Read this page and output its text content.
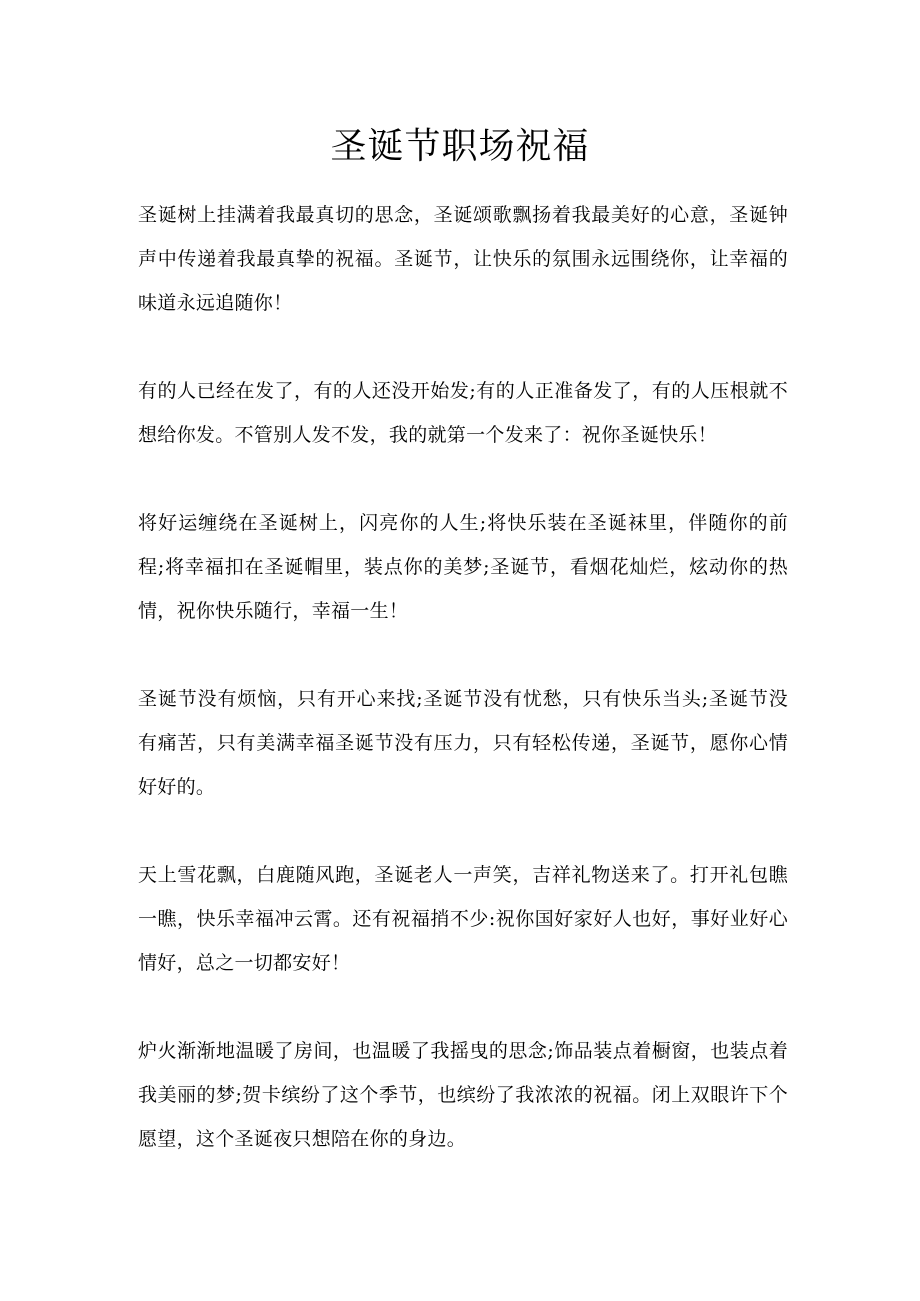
圣诞节职场祝福

圣诞树上挂满着我最真切的思念，圣诞颂歌飘扬着我最美好的心意，圣诞钟声中传递着我最真挚的祝福。圣诞节，让快乐的氛围永远围绕你，让幸福的味道永远追随你！

有的人已经在发了，有的人还没开始发;有的人正准备发了，有的人压根就不想给你发。不管别人发不发，我的就第一个发来了：祝你圣诞快乐！

将好运缠绕在圣诞树上，闪亮你的人生;将快乐装在圣诞袜里，伴随你的前程;将幸福扣在圣诞帽里，装点你的美梦;圣诞节，看烟花灿烂，炫动你的热情，祝你快乐随行，幸福一生！

圣诞节没有烦恼，只有开心来找;圣诞节没有忧愁，只有快乐当头;圣诞节没有痛苦，只有美满幸福圣诞节没有压力，只有轻松传递，圣诞节，愿你心情好好的。

天上雪花飘，白鹿随风跑，圣诞老人一声笑，吉祥礼物送来了。打开礼包瞧一瞧，快乐幸福冲云霄。还有祝福捎不少:祝你国好家好人也好，事好业好心情好，总之一切都安好！

炉火渐渐地温暖了房间，也温暖了我摇曳的思念;饰品装点着橱窗，也装点着我美丽的梦;贺卡缤纷了这个季节，也缤纷了我浓浓的祝福。闭上双眼许下个愿望，这个圣诞夜只想陪在你的身边。
